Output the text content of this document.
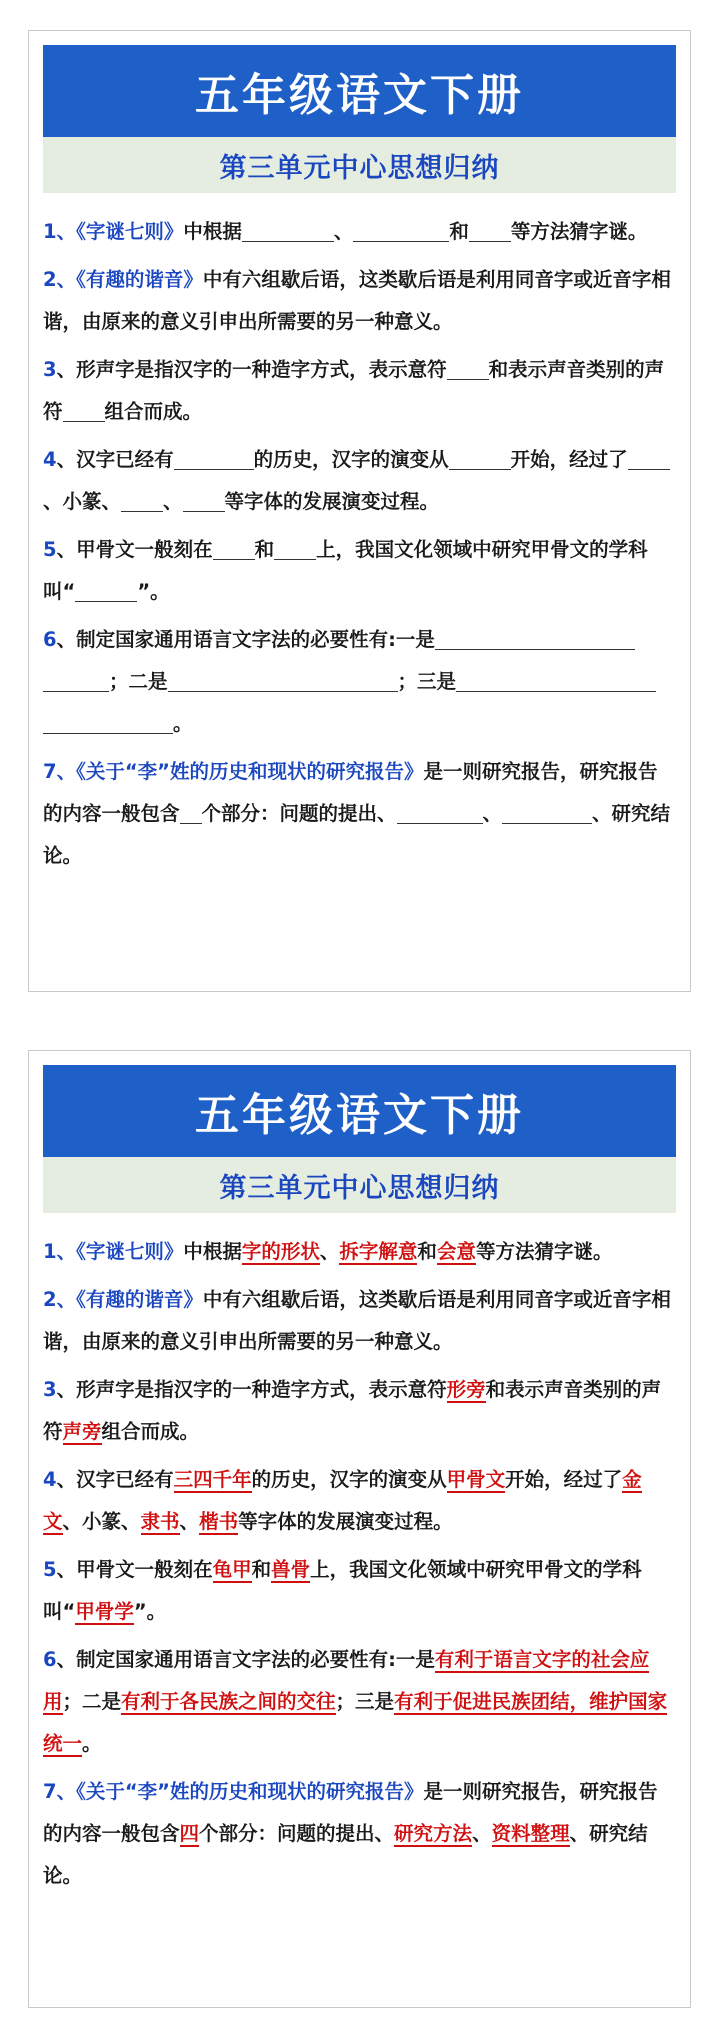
五年级语文下册
第三单元中心思想归纳
1、《字谜七则》中根据	、	和 等方法猜字谜。
2、《有趣的谐音》中有六组歇后语，这类歇后语是利用同音字或近音字相谐，由原来的意义引申出所需要的另一种意义。
3、形声字是指汉字的一种造字方式，表示意符 和表示声音类别的声符 组合而成。
4、汉字已经有	的历史，汉字的演变从	开始，经过了、小篆、 、 等字体的发展演变过程。
5、甲骨文一般刻在 和 上，我国文化领域中研究甲骨文的学科叫“	”。
6、制定国家通用语言文字法的必要性有:一是；二是	；三是。
7、《关于“李”姓的历史和现状的研究报告》是一则研究报告，研究报告的内容一般包含 个部分：问题的提出、	、	、研究结论。
五年级语文下册
第三单元中心思想归纳
1、《字谜七则》中根据字的形状、拆字解意和会意等方法猜字谜。
2、《有趣的谐音》中有六组歇后语，这类歇后语是利用同音字或近音字相谐，由原来的意义引申出所需要的另一种意义。
3、形声字是指汉字的一种造字方式，表示意符形旁和表示声音类别的声符声旁组合而成。
4、汉字已经有三四千年的历史，汉字的演变从甲骨文开始，经过了金文、小篆、隶书、楷书等字体的发展演变过程。
5、甲骨文一般刻在龟甲和兽骨上，我国文化领域中研究甲骨文的学科叫“甲骨学”。
6、制定国家通用语言文字法的必要性有:一是有利于语言文字的社会应用；二是有利于各民族之间的交往；三是有利于促进民族团结，维护国家统一。
7、《关于“李”姓的历史和现状的研究报告》是一则研究报告，研究报告的内容一般包含四个部分：问题的提出、研究方法、资料整理、研究结论。
